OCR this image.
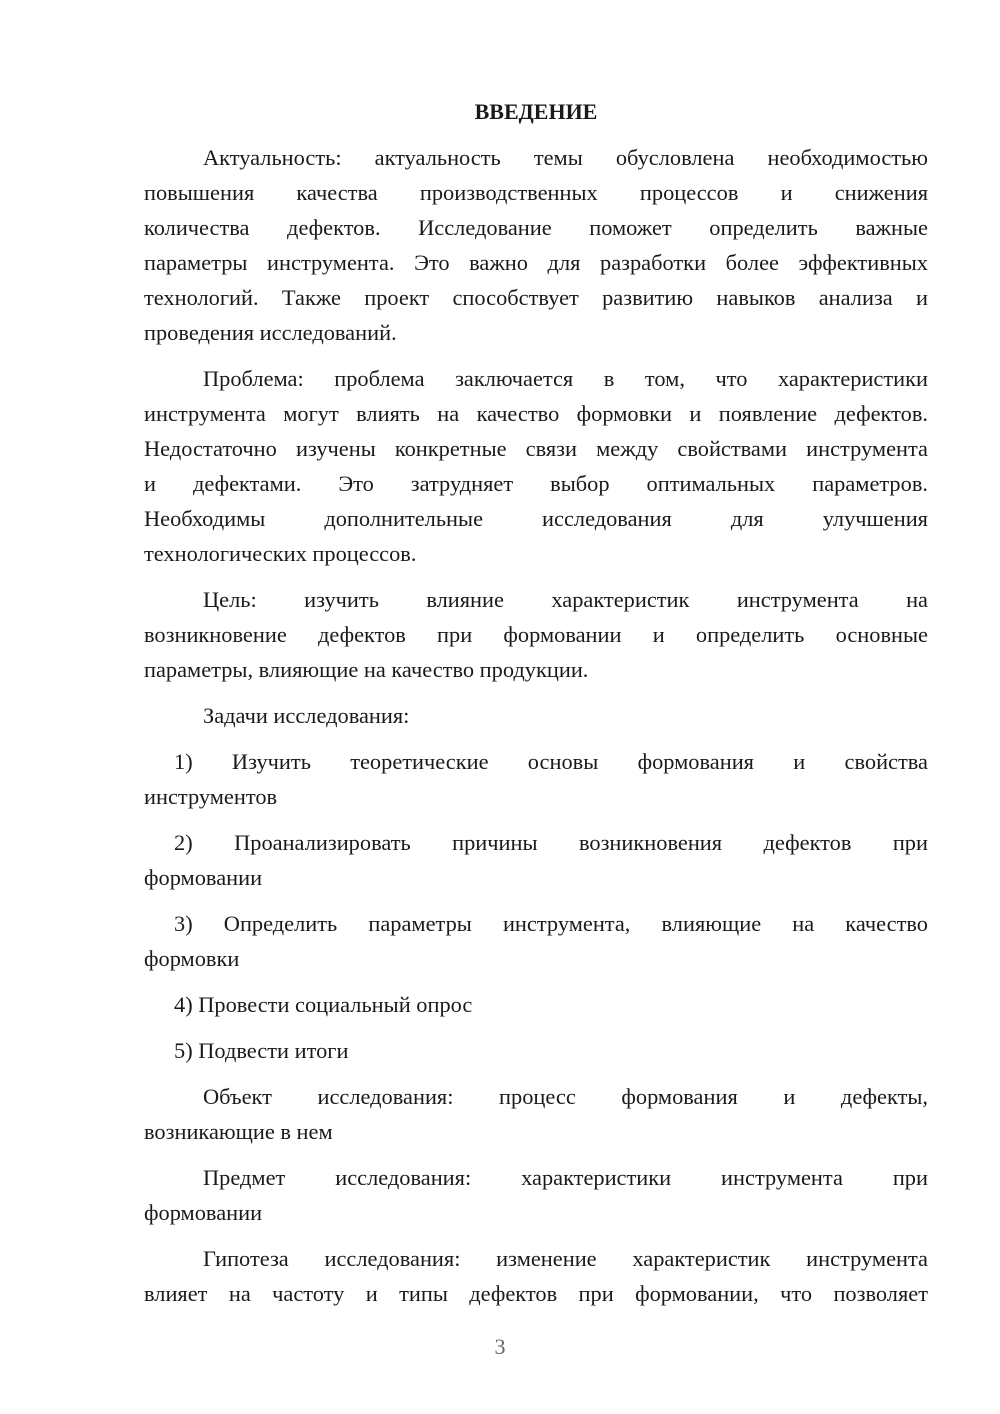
ВВЕДЕНИЕ
Актуальность: актуальность темы обусловлена необходимостью
повышения качества производственных процессов и снижения
количества дефектов. Исследование поможет определить важные
параметры инструмента. Это важно для разработки более эффективных
технологий. Также проект способствует развитию навыков анализа и
проведения исследований.
Проблема: проблема заключается в том, что характеристики
инструмента могут влиять на качество формовки и появление дефектов.
Недостаточно изучены конкретные связи между свойствами инструмента
и дефектами. Это затрудняет выбор оптимальных параметров.
Необходимы дополнительные исследования для улучшения
технологических процессов.
Цель: изучить влияние характеристик инструмента на
возникновение дефектов при формовании и определить основные
параметры, влияющие на качество продукции.
Задачи исследования:
1) Изучить теоретические основы формования и свойства
инструментов
2) Проанализировать причины возникновения дефектов при
формовании
3) Определить параметры инструмента, влияющие на качество
формовки
4) Провести социальный опрос
5) Подвести итоги
Объект исследования: процесс формования и дефекты,
возникающие в нем
Предмет исследования: характеристики инструмента при
формовании
Гипотеза исследования: изменение характеристик инструмента
влияет на частоту и типы дефектов при формовании, что позволяет
3
